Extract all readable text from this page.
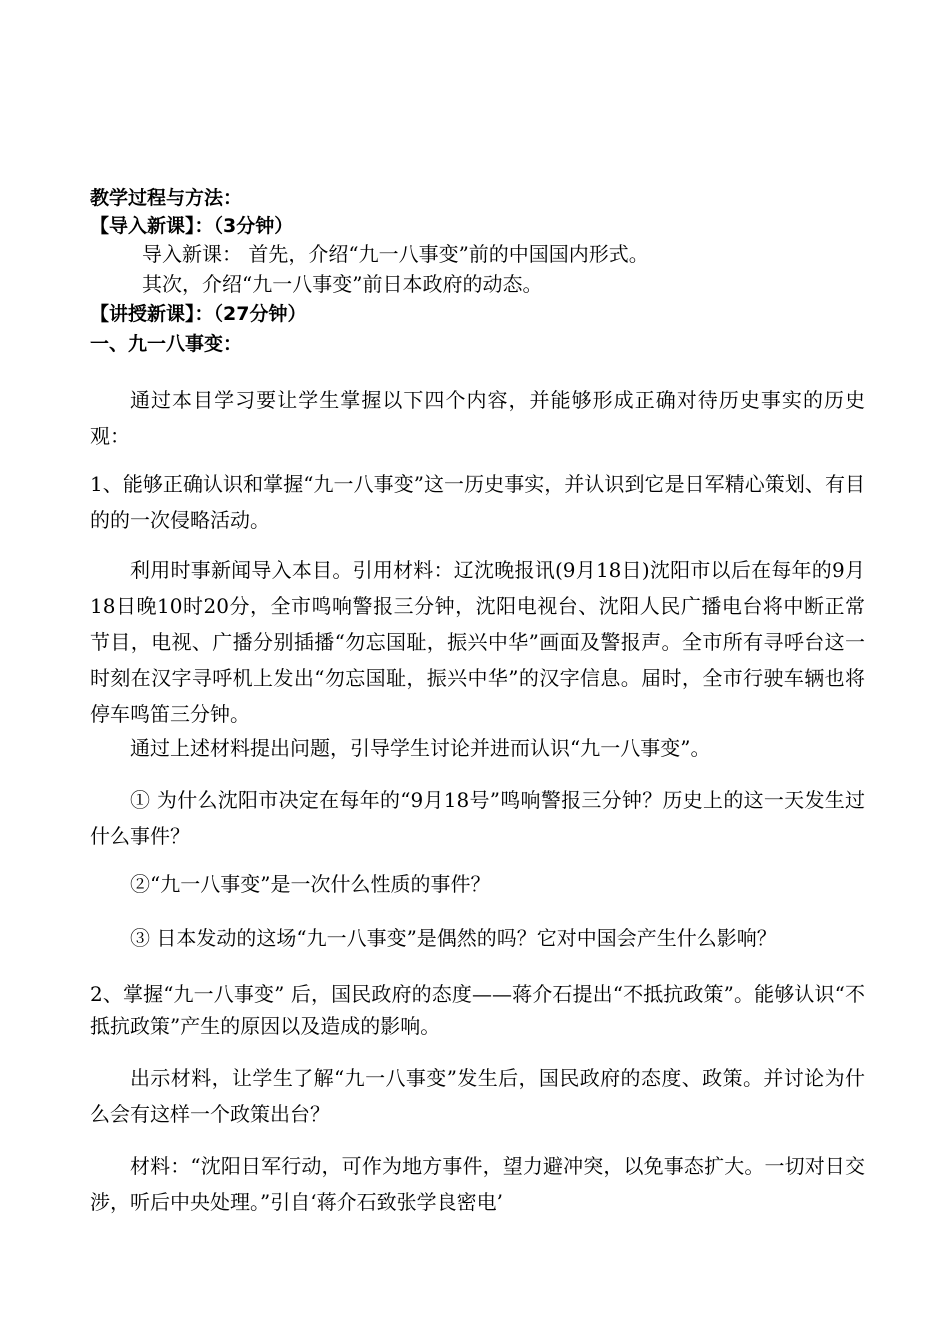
教学过程与方法：
【导入新课】：（3分钟）
导入新课： 首先，介绍“九一八事变”前的中国国内形式。
其次，介绍“九一八事变”前日本政府的动态。
【讲授新课】：（27分钟）
一、九一八事变：
通过本目学习要让学生掌握以下四个内容，并能够形成正确对待历史事实的历史观：
1、能够正确认识和掌握“九一八事变”这一历史事实，并认识到它是日军精心策划、有目的的一次侵略活动。
利用时事新闻导入本目。引用材料：辽沈晚报讯(9月18日)沈阳市以后在每年的9月18日晚10时20分，全市鸣响警报三分钟，沈阳电视台、沈阳人民广播电台将中断正常节目，电视、广播分别插播“勿忘国耻，振兴中华”画面及警报声。全市所有寻呼台这一时刻在汉字寻呼机上发出“勿忘国耻，振兴中华”的汉字信息。届时，全市行驶车辆也将停车鸣笛三分钟。
通过上述材料提出问题，引导学生讨论并进而认识“九一八事变”。
① 为什么沈阳市决定在每年的“9月18号”鸣响警报三分钟？历史上的这一天发生过什么事件？
②“九一八事变”是一次什么性质的事件？
③ 日本发动的这场“九一八事变”是偶然的吗？它对中国会产生什么影响？
2、掌握“九一八事变” 后，国民政府的态度——蒋介石提出“不抵抗政策”。能够认识“不抵抗政策”产生的原因以及造成的影响。
出示材料，让学生了解“九一八事变”发生后，国民政府的态度、政策。并讨论为什么会有这样一个政策出台？
材料：“沈阳日军行动，可作为地方事件，望力避冲突，以免事态扩大。一切对日交涉，听后中央处理。”引自‘蒋介石致张学良密电’
